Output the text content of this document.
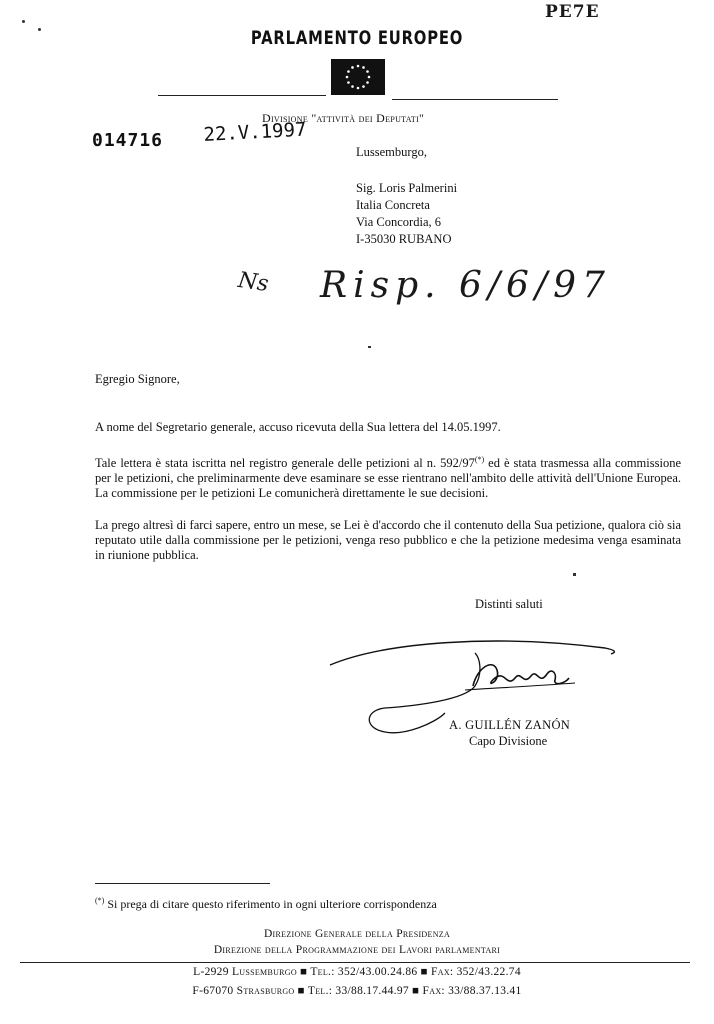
PE7E
PARLAMENTO EUROPEO
Divisione "attività dei Deputati"
014716 22.V.1997
Lussemburgo,
Sig. Loris Palmerini
Italia Concreta
Via Concordia, 6
I-35030 RUBANO
Ns Risp. 6/6/97
Egregio Signore,
A nome del Segretario generale, accuso ricevuta della Sua lettera del 14.05.1997.
Tale lettera è stata iscritta nel registro generale delle petizioni al n. 592/97(*) ed è stata trasmessa alla commissione per le petizioni, che preliminarmente deve esaminare se esse rientrano nell'ambito delle attività dell'Unione Europea. La commissione per le petizioni Le comunicherà direttamente le sue decisioni.
La prego altresì di farci sapere, entro un mese, se Lei è d'accordo che il contenuto della Sua petizione, qualora ciò sia reputato utile dalla commissione per le petizioni, venga reso pubblico e che la petizione medesima venga esaminata in riunione pubblica.
Distinti saluti
A. GUILLÉN ZANÓN
Capo Divisione
(*) Si prega di citare questo riferimento in ogni ulteriore corrispondenza
Direzione Generale della Presidenza
Direzione della Programmazione dei Lavori parlamentari
L-2929 Lussemburgo ■ Tel.: 352/43.00.24.86 ■ Fax: 352/43.22.74
F-67070 Strasburgo ■ Tel.: 33/88.17.44.97 ■ Fax: 33/88.37.13.41
